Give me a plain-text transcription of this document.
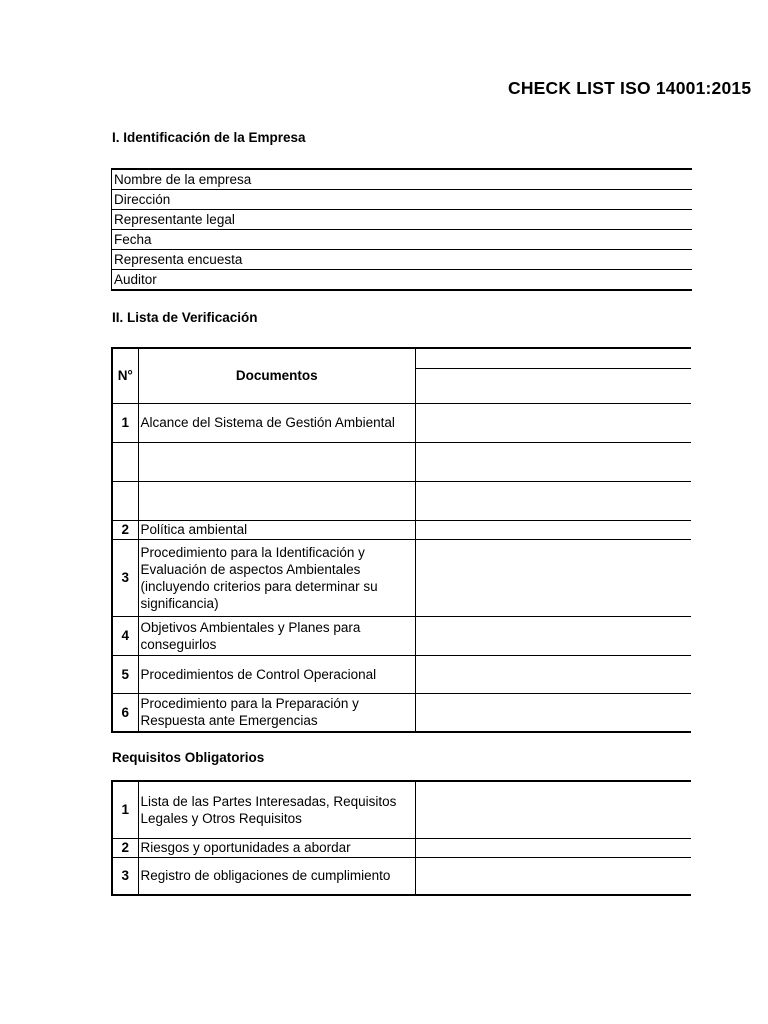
CHECK LIST ISO 14001:2015
I. Identificación de la Empresa
Nombre de la empresa
Dirección
Representante legal
Fecha
Representa encuesta
Auditor
II. Lista de Verificación
N°	Documentos	

1	Alcance del Sistema de Gestión Ambiental	

2	Política ambiental	
3	Procedimiento para la Identificación y Evaluación de aspectos Ambientales (incluyendo criterios para determinar su significancia)	
4	Objetivos Ambientales y Planes para conseguirlos	
5	Procedimientos de Control Operacional	
6	Procedimiento para la Preparación y Respuesta ante Emergencias	
Requisitos Obligatorios
1	Lista de las Partes Interesadas, Requisitos Legales y Otros Requisitos	
2	Riesgos y oportunidades a abordar	
3	Registro de obligaciones de cumplimiento	
